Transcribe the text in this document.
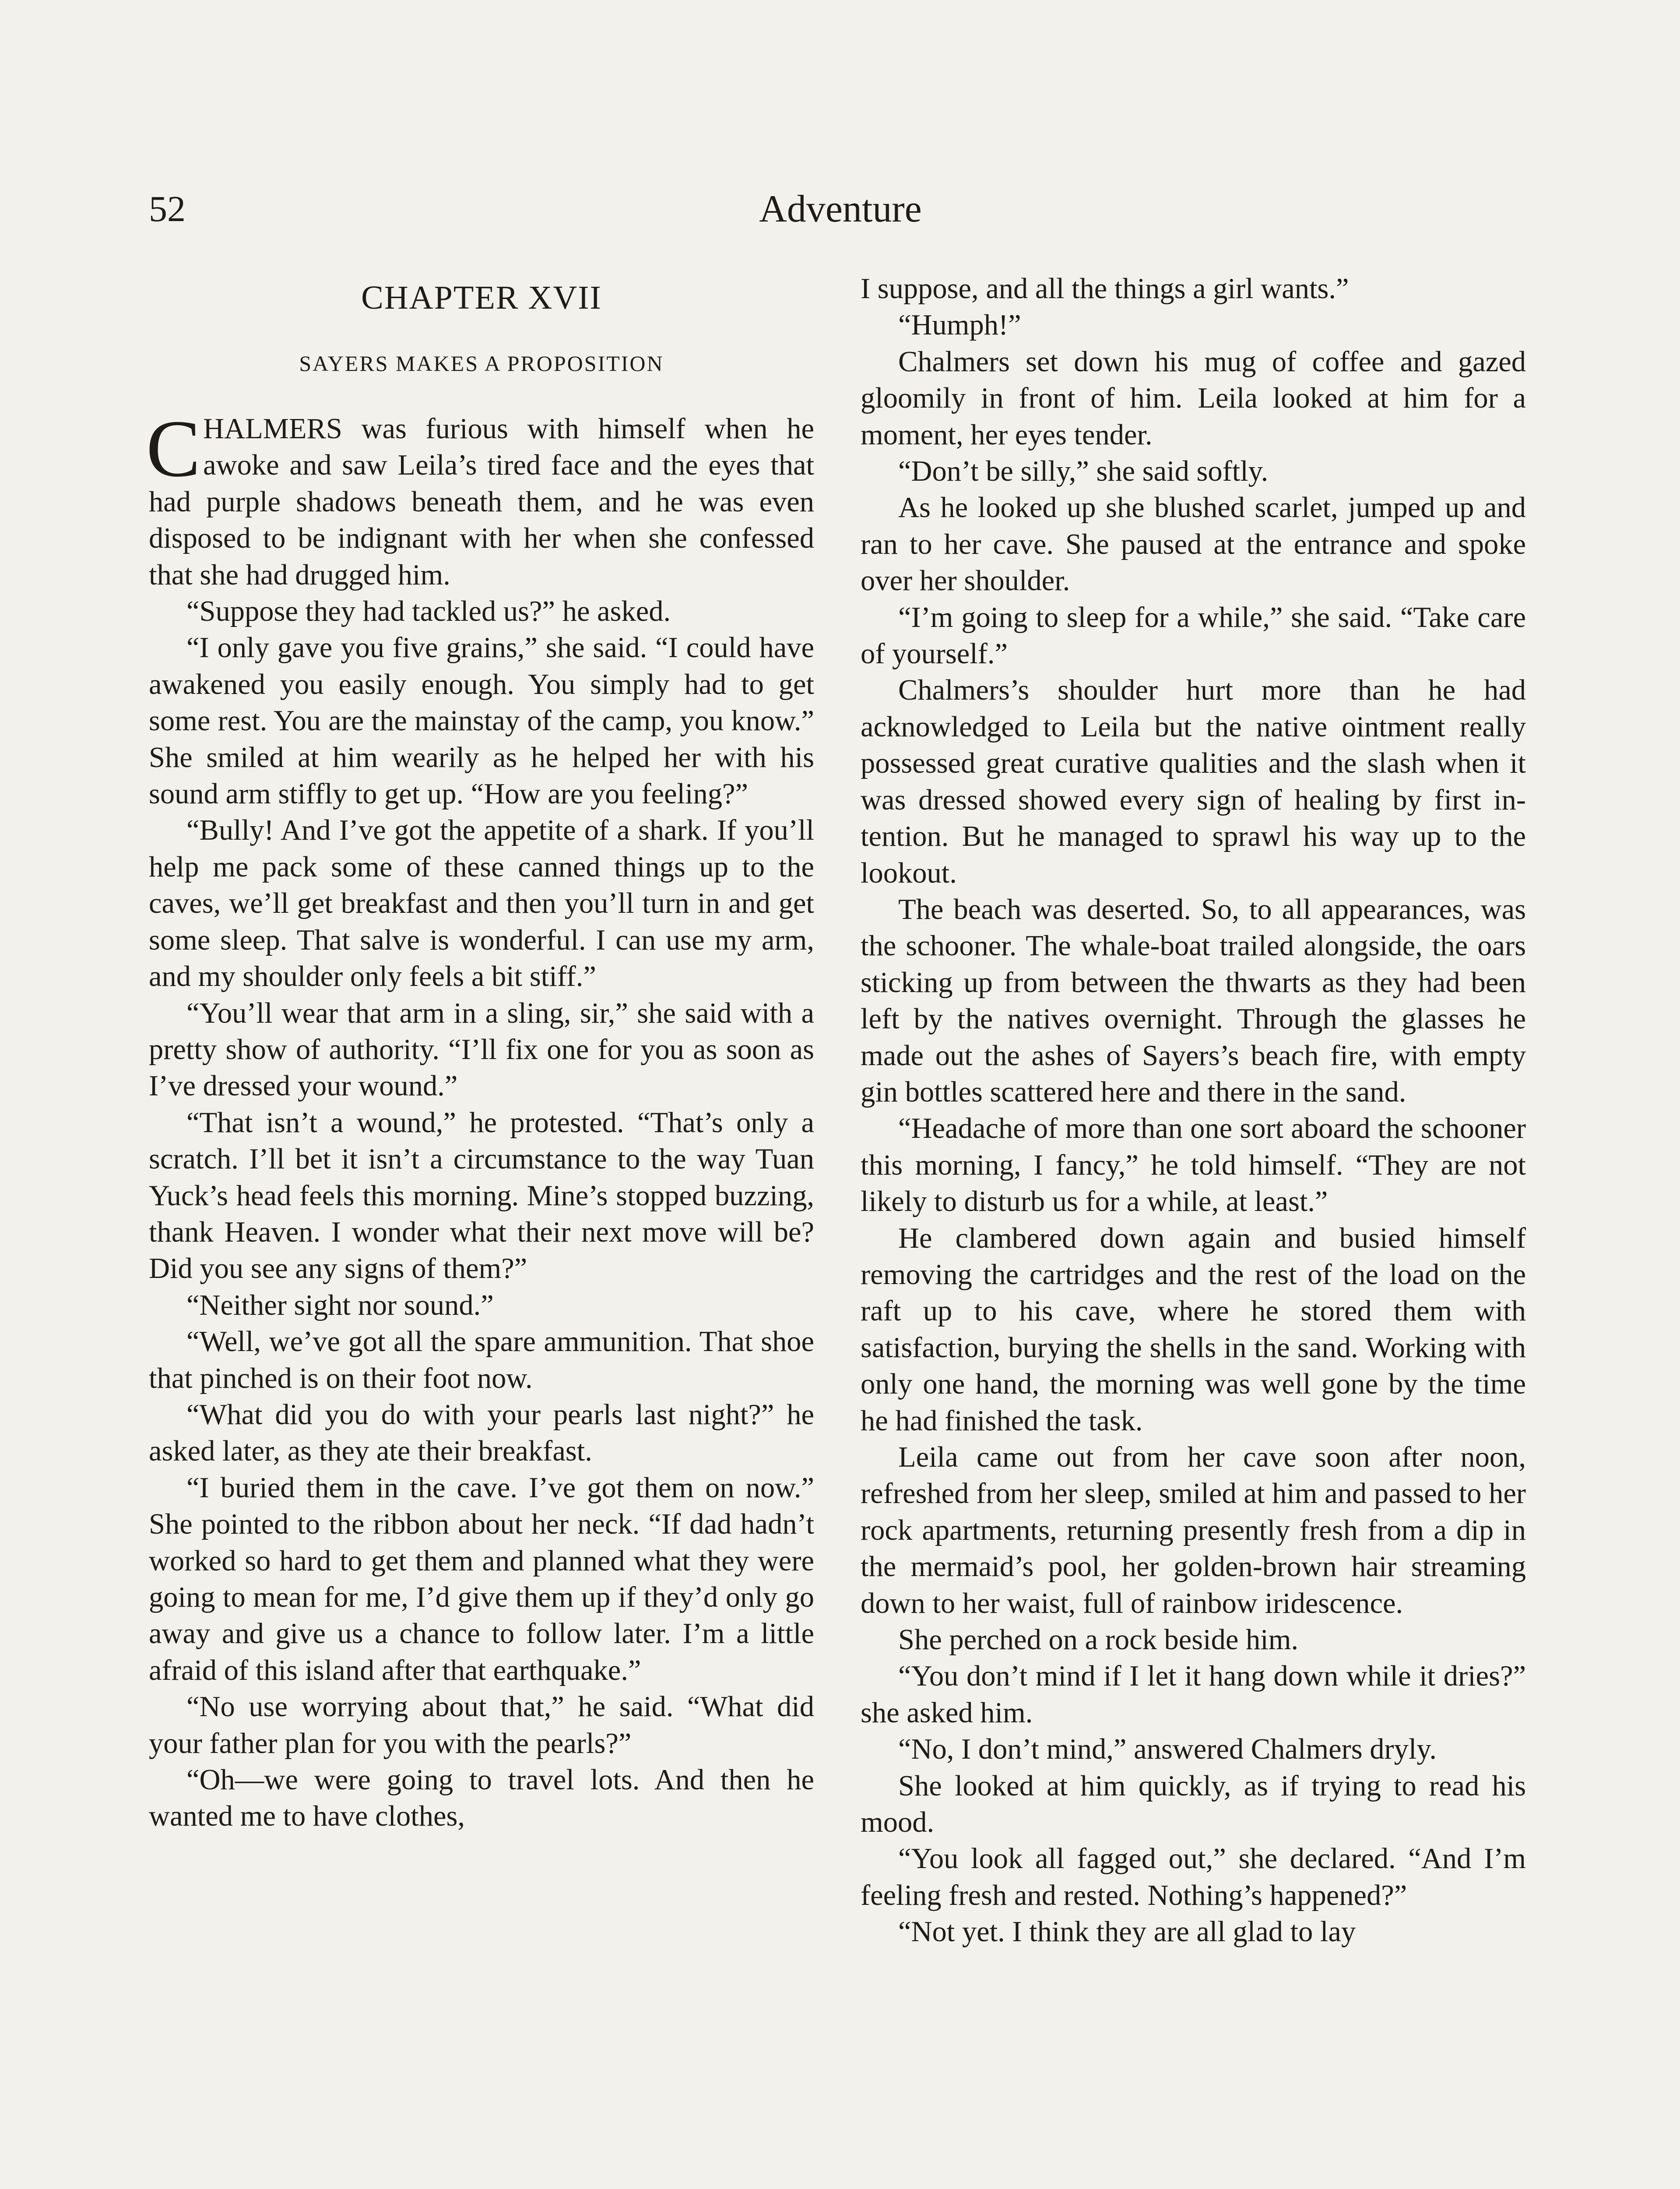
52	Adventure
CHAPTER XVII
SAYERS MAKES A PROPOSITION

CHALMERS was furious with himself when he awoke and saw Leila’s tired face and the eyes that had purple shadows beneath them, and he was even disposed to be indignant with her when she confessed that she had drugged him.

“Suppose they had tackled us?” he asked.

“I only gave you five grains,” she said. “I could have awakened you easily enough. You simply had to get some rest. You are the mainstay of the camp, you know.” She smiled at him wearily as he helped her with his sound arm stiffly to get up. “How are you feeling?”

“Bully! And I’ve got the appetite of a shark. If you’ll help me pack some of these canned things up to the caves, we’ll get breakfast and then you’ll turn in and get some sleep. That salve is wonderful. I can use my arm, and my shoulder only feels a bit stiff.”

“You’ll wear that arm in a sling, sir,” she said with a pretty show of authority. “I’ll fix one for you as soon as I’ve dressed your wound.”

“That isn’t a wound,” he protested. “That’s only a scratch. I’ll bet it isn’t a circumstance to the way Tuan Yuck’s head feels this morning. Mine’s stopped buzzing, thank Heaven. I wonder what their next move will be? Did you see any signs of them?”

“Neither sight nor sound.”

“Well, we’ve got all the spare ammunition. That shoe that pinched is on their foot now.

“What did you do with your pearls last night?” he asked later, as they ate their breakfast.

“I buried them in the cave. I’ve got them on now.” She pointed to the ribbon about her neck. “If dad hadn’t worked so hard to get them and planned what they were going to mean for me, I’d give them up if they’d only go away and give us a chance to follow later. I’m a little afraid of this island after that earthquake.”

“No use worrying about that,” he said. “What did your father plan for you with the pearls?”

“Oh—we were going to travel lots. And then he wanted me to have clothes,

I suppose, and all the things a girl wants.”

“Humph!”

Chalmers set down his mug of coffee and gazed gloomily in front of him. Leila looked at him for a moment, her eyes tender.

“Don’t be silly,” she said softly.

As he looked up she blushed scarlet, jumped up and ran to her cave. She paused at the entrance and spoke over her shoulder.

“I’m going to sleep for a while,” she said. “Take care of yourself.”

Chalmers’s shoulder hurt more than he had acknowledged to Leila but the native ointment really possessed great curative qualities and the slash when it was dressed showed every sign of healing by first intention. But he managed to sprawl his way up to the lookout.

The beach was deserted. So, to all appearances, was the schooner. The whale-boat trailed alongside, the oars sticking up from between the thwarts as they had been left by the natives overnight. Through the glasses he made out the ashes of Sayers’s beach fire, with empty gin bottles scattered here and there in the sand.

“Headache of more than one sort aboard the schooner this morning, I fancy,” he told himself. “They are not likely to disturb us for a while, at least.”

He clambered down again and busied himself removing the cartridges and the rest of the load on the raft up to his cave, where he stored them with satisfaction, burying the shells in the sand. Working with only one hand, the morning was well gone by the time he had finished the task.

Leila came out from her cave soon after noon, refreshed from her sleep, smiled at him and passed to her rock apartments, returning presently fresh from a dip in the mermaid’s pool, her golden-brown hair streaming down to her waist, full of rainbow iridescence.

She perched on a rock beside him.

“You don’t mind if I let it hang down while it dries?” she asked him.

“No, I don’t mind,” answered Chalmers dryly.

She looked at him quickly, as if trying to read his mood.

“You look all fagged out,” she declared. “And I’m feeling fresh and rested. Nothing’s happened?”

“Not yet. I think they are all glad to lay
